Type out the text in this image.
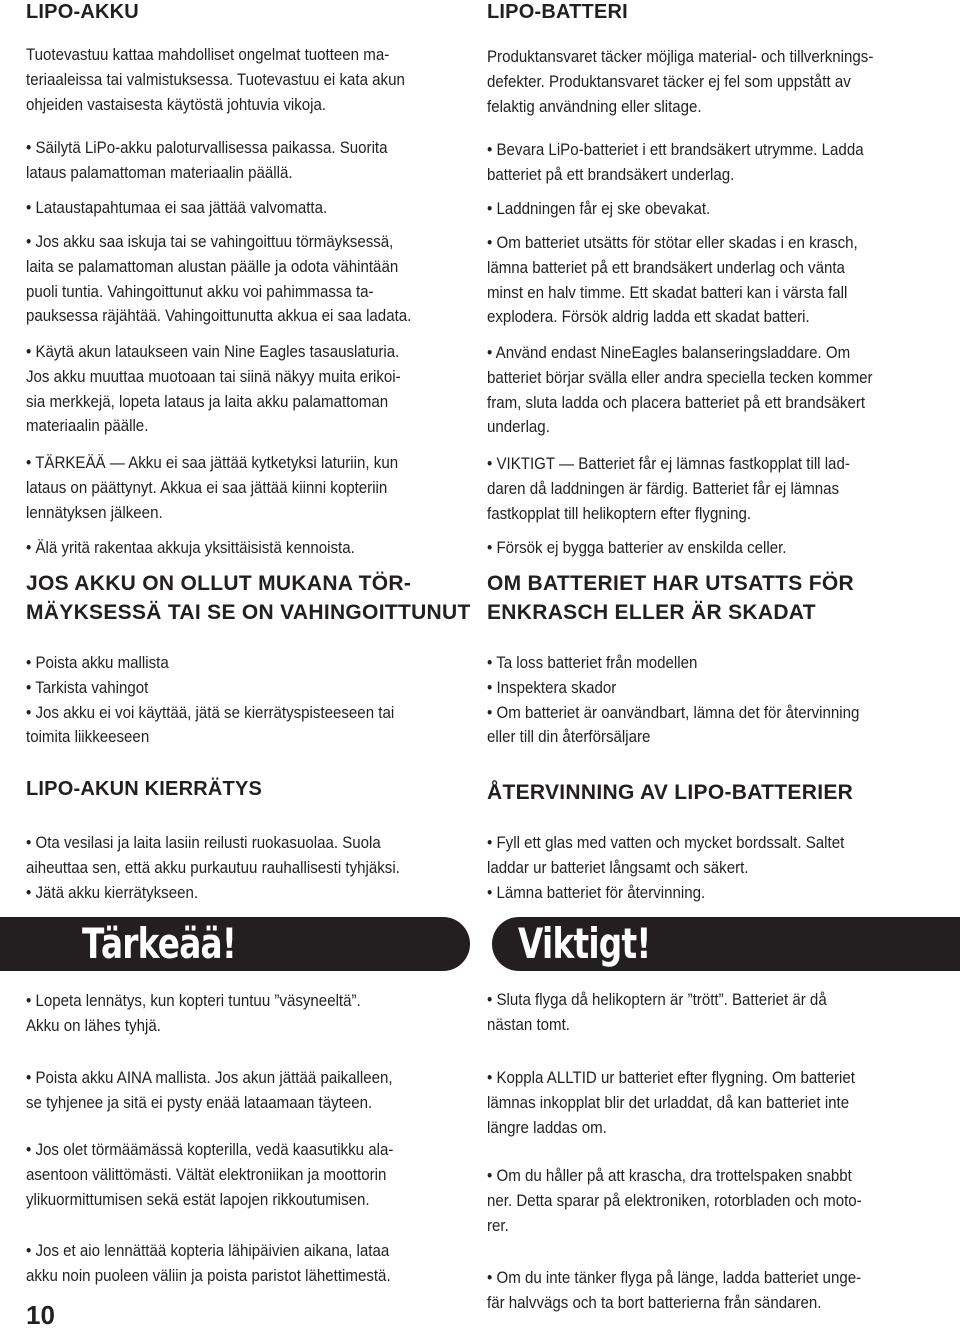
Tärkeää!	Viktigt!
LIPO-AKKU
Tuotevastuu kattaa mahdolliset ongelmat tuotteen ma-
teriaaleissa tai valmistuksessa. Tuotevastuu ei kata akun
ohjeiden vastaisesta käytöstä johtuvia vikoja.
• Säilytä LiPo-akku paloturvallisessa paikassa. Suorita
lataus palamattoman materiaalin päällä.
• Lataustapahtumaa ei saa jättää valvomatta.
• Jos akku saa iskuja tai se vahingoittuu törmäyksessä,
laita se palamattoman alustan päälle ja odota vähintään
puoli tuntia. Vahingoittunut akku voi pahimmassa ta-
pauksessa räjähtää. Vahingoittunutta akkua ei saa ladata.
• Käytä akun lataukseen vain Nine Eagles tasauslaturia.
Jos akku muuttaa muotoaan tai siinä näkyy muita erikoi-
sia merkkejä, lopeta lataus ja laita akku palamattoman
materiaalin päälle.
• TÄRKEÄÄ — Akku ei saa jättää kytketyksi laturiin, kun
lataus on päättynyt. Akkua ei saa jättää kiinni kopteriin
lennätyksen jälkeen.
• Älä yritä rakentaa akkuja yksittäisistä kennoista.
JOS AKKU ON OLLUT MUKANA TÖR-MÄYKSESSÄ TAI SE ON VAHINGOITTUNUT
• Poista akku mallista
• Tarkista vahingot
• Jos akku ei voi käyttää, jätä se kierrätyspisteeseen tai
toimita liikkeeseen
LIPO-AKUN KIERRÄTYS
• Ota vesilasi ja laita lasiin reilusti ruokasuolaa. Suola
aiheuttaa sen, että akku purkautuu rauhallisesti tyhjäksi.
• Jätä akku kierrätykseen.
• Lopeta lennätys, kun kopteri tuntuu ”väsyneeltä”.
Akku on lähes tyhjä.
• Poista akku AINA mallista. Jos akun jättää paikalleen,
se tyhjenee ja sitä ei pysty enää lataamaan täyteen.
• Jos olet törmäämässä kopterilla, vedä kaasutikku ala-
asentoon välittömästi. Vältät elektroniikan ja moottorin
ylikuormittumisen sekä estät lapojen rikkoutumisen.
• Jos et aio lennättää kopteria lähipäivien aikana, lataa
akku noin puoleen väliin ja poista paristot lähettimestä.
LIPO-BATTERI
Produktansvaret täcker möjliga material- och tillverknings-
defekter. Produktansvaret täcker ej fel som uppstått av
felaktig användning eller slitage.
• Bevara LiPo-batteriet i ett brandsäkert utrymme. Ladda
batteriet på ett brandsäkert underlag.
• Laddningen får ej ske obevakat.
• Om batteriet utsätts för stötar eller skadas i en krasch,
lämna batteriet på ett brandsäkert underlag och vänta
minst en halv timme. Ett skadat batteri kan i värsta fall
explodera. Försök aldrig ladda ett skadat batteri.
• Använd endast NineEagles balanseringsladdare. Om
batteriet börjar svälla eller andra speciella tecken kommer
fram, sluta ladda och placera batteriet på ett brandsäkert
underlag.
• VIKTIGT — Batteriet får ej lämnas fastkopplat till lad-
daren då laddningen är färdig. Batteriet får ej lämnas
fastkopplat till helikoptern efter flygning.
• Försök ej bygga batterier av enskilda celler.
OM BATTERIET HAR UTSATTS FÖR ENKRASCH ELLER ÄR SKADAT
• Ta loss batteriet från modellen
• Inspektera skador
• Om batteriet är oanvändbart, lämna det för återvinning
eller till din återförsäljare
ÅTERVINNING AV LIPO-BATTERIER
• Fyll ett glas med vatten och mycket bordssalt. Saltet
laddar ur batteriet långsamt och säkert.
• Lämna batteriet för återvinning.
• Sluta flyga då helikoptern är ”trött”. Batteriet är då
nästan tomt.
• Koppla ALLTID ur batteriet efter flygning. Om batteriet
lämnas inkopplat blir det urladdat, då kan batteriet inte
längre laddas om.
• Om du håller på att krascha, dra trottelspaken snabbt
ner. Detta sparar på elektroniken, rotorbladen och moto-
rer.
• Om du inte tänker flyga på länge, ladda batteriet unge-
fär halvvägs och ta bort batterierna från sändaren.
10
